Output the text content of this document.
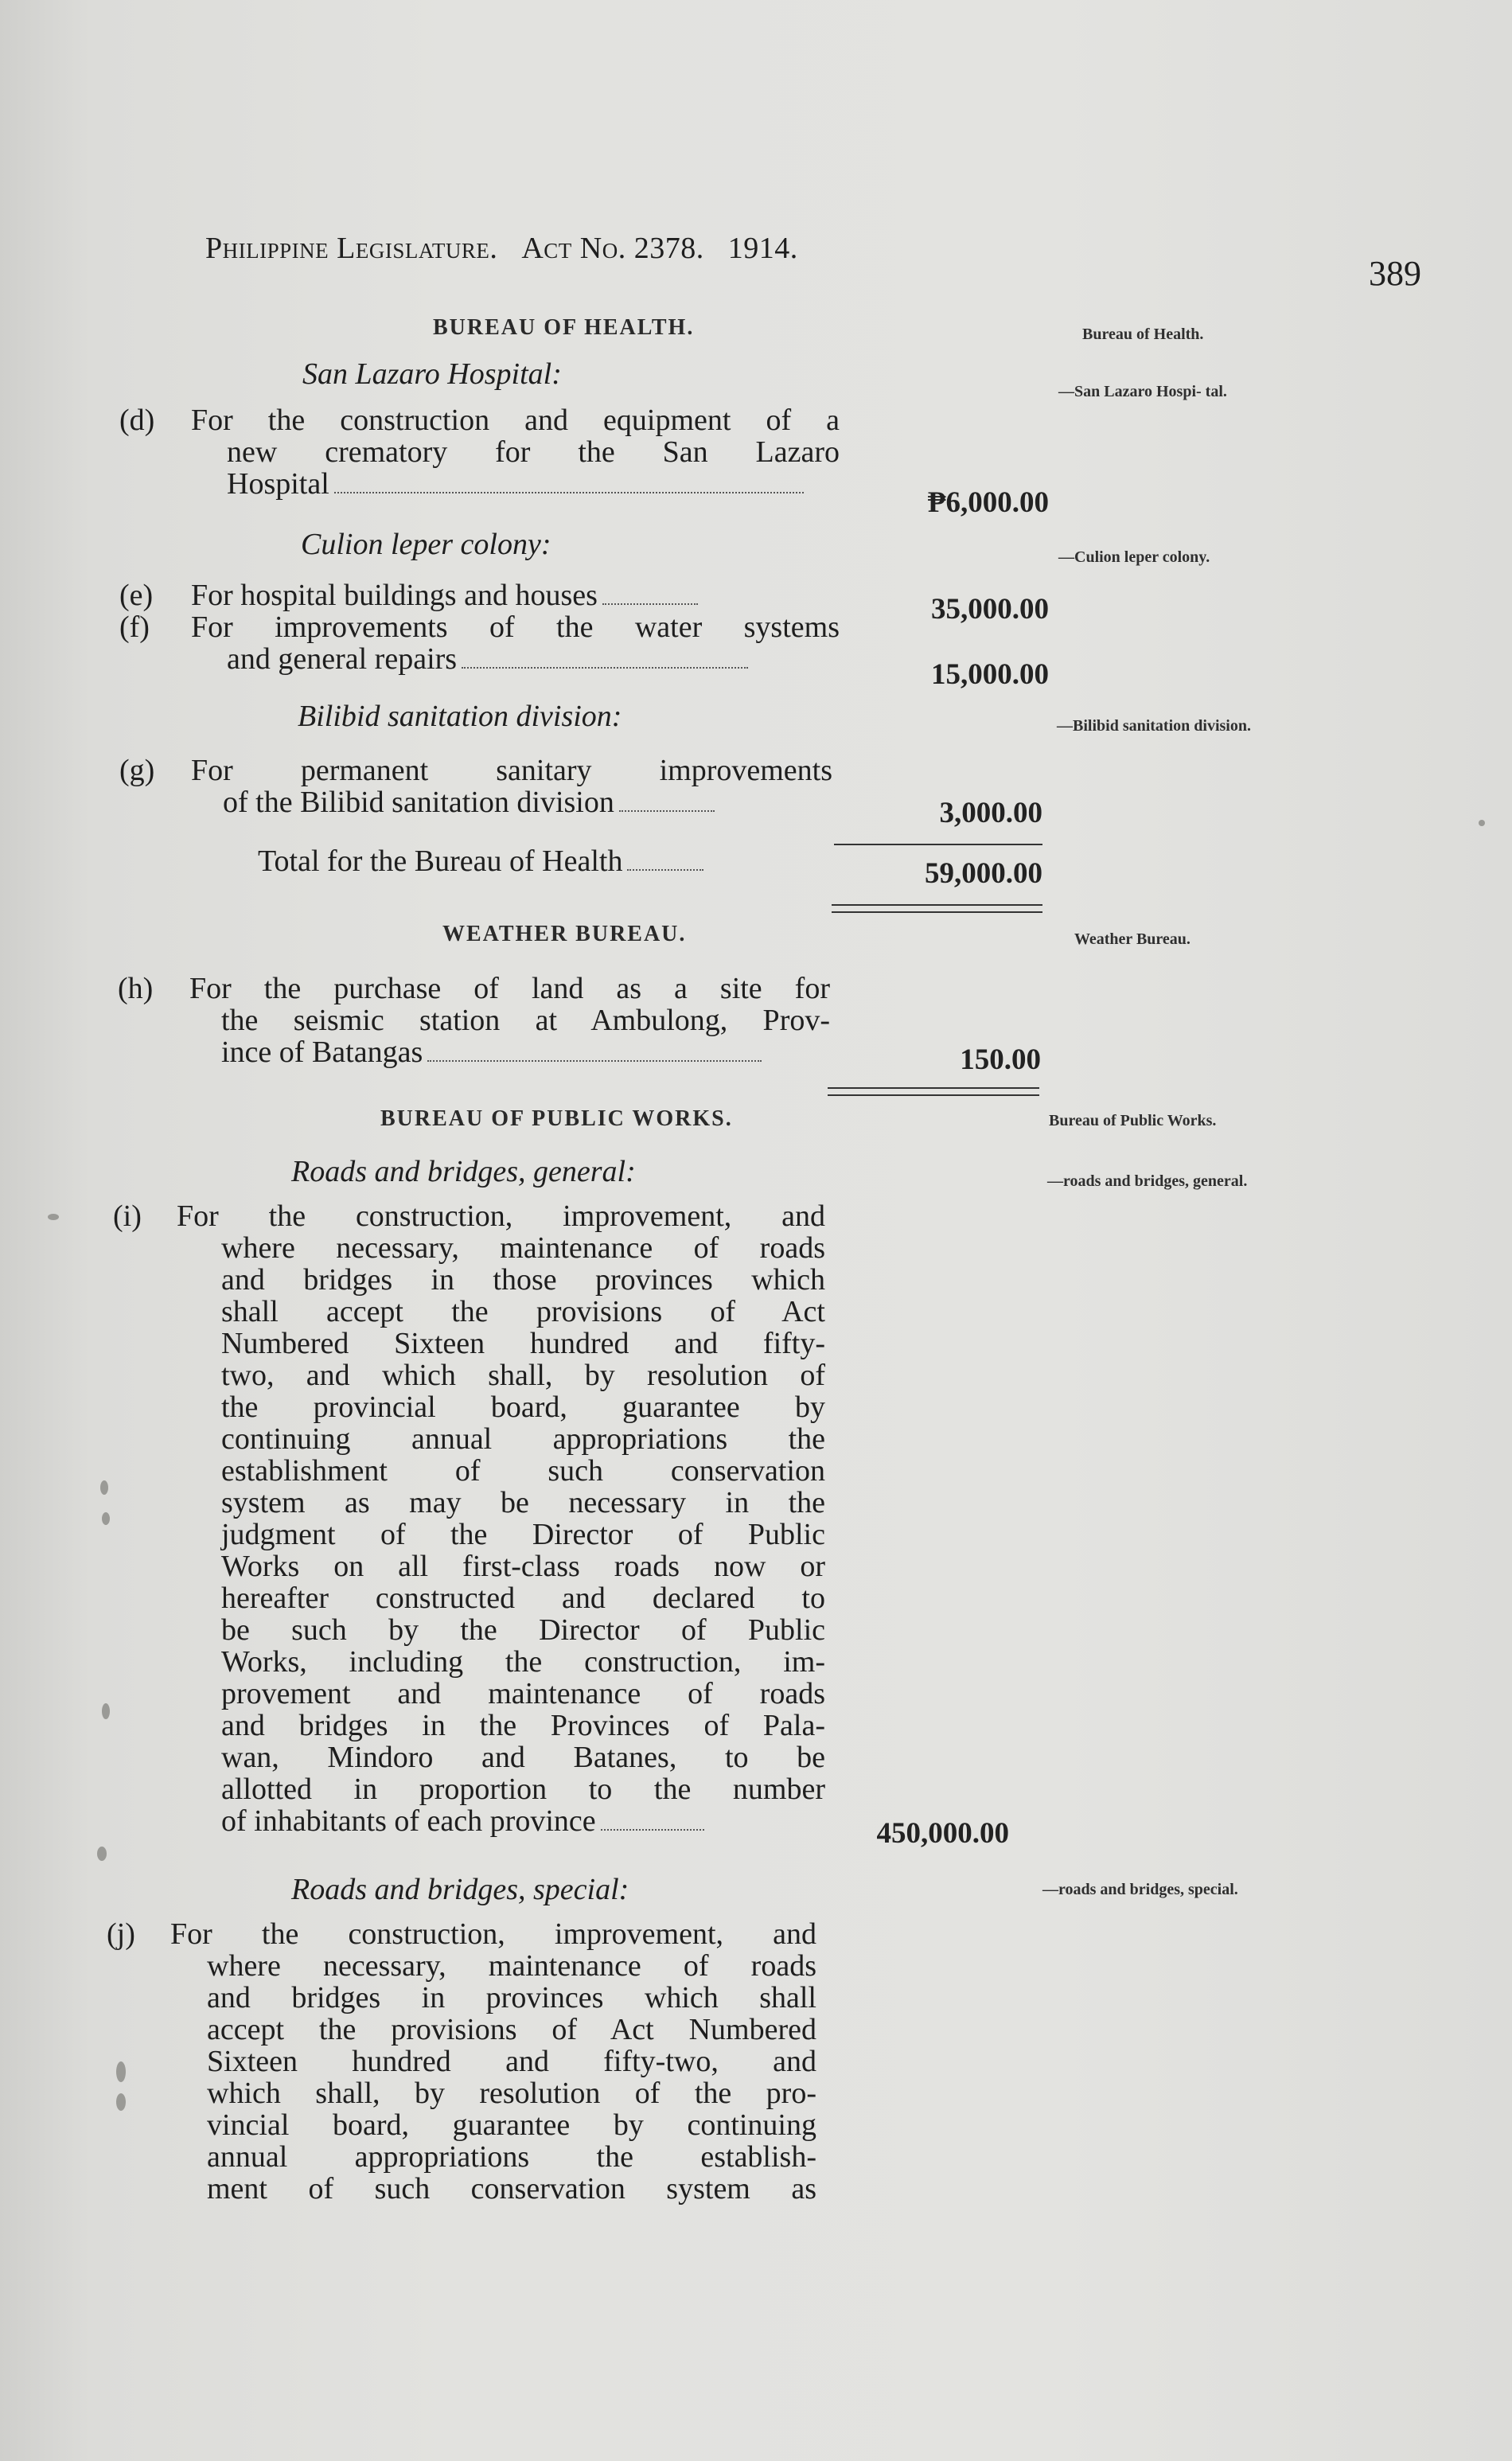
Philippine Legislature. Act No. 2378. 1914.
389
BUREAU OF HEALTH.	Bureau of Health.
San Lazaro Hospital:
—San Lazaro Hospi- tal.
(d) For the construction and equipment of a
new crematory for the San Lazaro
Hospital
₱6,000.00
Culion leper colony:	—Culion leper colony.
(e) For hospital buildings and houses	35,000.00
(f) For improvements of the water systems
and general repairs	15,000.00
Bilibid sanitation division:	—Bilibid sanitation division.
(g) For permanent sanitary improvements
of the Bilibid sanitation division	3,000.00
Total for the Bureau of Health	59,000.00
WEATHER BUREAU.	Weather Bureau.
(h) For the purchase of land as a site for
the seismic station at Ambulong, Prov-
ince of Batangas	150.00
BUREAU OF PUBLIC WORKS.	Bureau of Public Works.
Roads and bridges, general:	—roads and bridges, general.
(i) For the construction, improvement, and
where necessary, maintenance of roads
and bridges in those provinces which
shall accept the provisions of Act
Numbered Sixteen hundred and fifty-
two, and which shall, by resolution of
the provincial board, guarantee by
continuing annual appropriations the
establishment of such conservation
system as may be necessary in the
judgment of the Director of Public
Works on all first-class roads now or
hereafter constructed and declared to
be such by the Director of Public
Works, including the construction, im-
provement and maintenance of roads
and bridges in the Provinces of Pala-
wan, Mindoro and Batanes, to be
allotted in proportion to the number
of inhabitants of each province	450,000.00
Roads and bridges, special:	—roads and bridges, special.
(j) For the construction, improvement, and
where necessary, maintenance of roads
and bridges in provinces which shall
accept the provisions of Act Numbered
Sixteen hundred and fifty-two, and
which shall, by resolution of the pro-
vincial board, guarantee by continuing
annual appropriations the establish-
ment of such conservation system as
